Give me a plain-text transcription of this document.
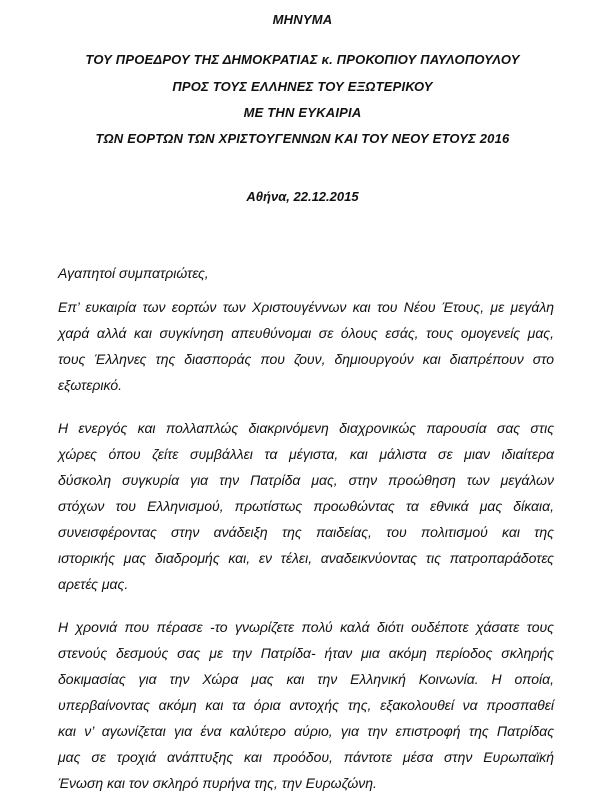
ΜΗΝΥΜΑ
ΤΟΥ ΠΡΟΕΔΡΟΥ ΤΗΣ ΔΗΜΟΚΡΑΤΙΑΣ κ. ΠΡΟΚΟΠΙΟΥ ΠΑΥΛΟΠΟΥΛΟΥ
ΠΡΟΣ ΤΟΥΣ ΕΛΛΗΝΕΣ ΤΟΥ ΕΞΩΤΕΡΙΚΟΥ
ΜΕ ΤΗΝ ΕΥΚΑΙΡΙΑ
ΤΩΝ ΕΟΡΤΩΝ ΤΩΝ ΧΡΙΣΤΟΥΓΕΝΝΩΝ ΚΑΙ ΤΟΥ ΝΕΟΥ ΕΤΟΥΣ 2016
Αθήνα, 22.12.2015
Αγαπητοί συμπατριώτες,
Επ’ ευκαιρία των εορτών των Χριστουγέννων και του Νέου Έτους, με μεγάλη
χαρά αλλά και συγκίνηση απευθύνομαι σε όλους εσάς, τους ομογενείς μας,
τους Έλληνες της διασποράς που ζουν, δημιουργούν και διαπρέπουν στο
εξωτερικό.
Η ενεργός και πολλαπλώς διακρινόμενη διαχρονικώς παρουσία σας στις
χώρες όπου ζείτε συμβάλλει τα μέγιστα, και μάλιστα σε μιαν ιδιαίτερα
δύσκολη συγκυρία για την Πατρίδα μας, στην προώθηση των μεγάλων
στόχων του Ελληνισμού, πρωτίστως προωθώντας τα εθνικά μας δίκαια,
συνεισφέροντας στην ανάδειξη της παιδείας, του πολιτισμού και της
ιστορικής μας διαδρομής και, εν τέλει, αναδεικνύοντας τις πατροπαράδοτες
αρετές μας.
Η χρονιά που πέρασε -το γνωρίζετε πολύ καλά διότι ουδέποτε χάσατε τους
στενούς δεσμούς σας με την Πατρίδα- ήταν μια ακόμη περίοδος σκληρής
δοκιμασίας για την Χώρα μας και την Ελληνική Κοινωνία. Η οποία,
υπερβαίνοντας ακόμη και τα όρια αντοχής της, εξακολουθεί να προσπαθεί
και ν’ αγωνίζεται για ένα καλύτερο αύριο, για την επιστροφή της Πατρίδας
μας σε τροχιά ανάπτυξης και προόδου, πάντοτε μέσα στην Ευρωπαϊκή
Ένωση και τον σκληρό πυρήνα της, την Ευρωζώνη.
